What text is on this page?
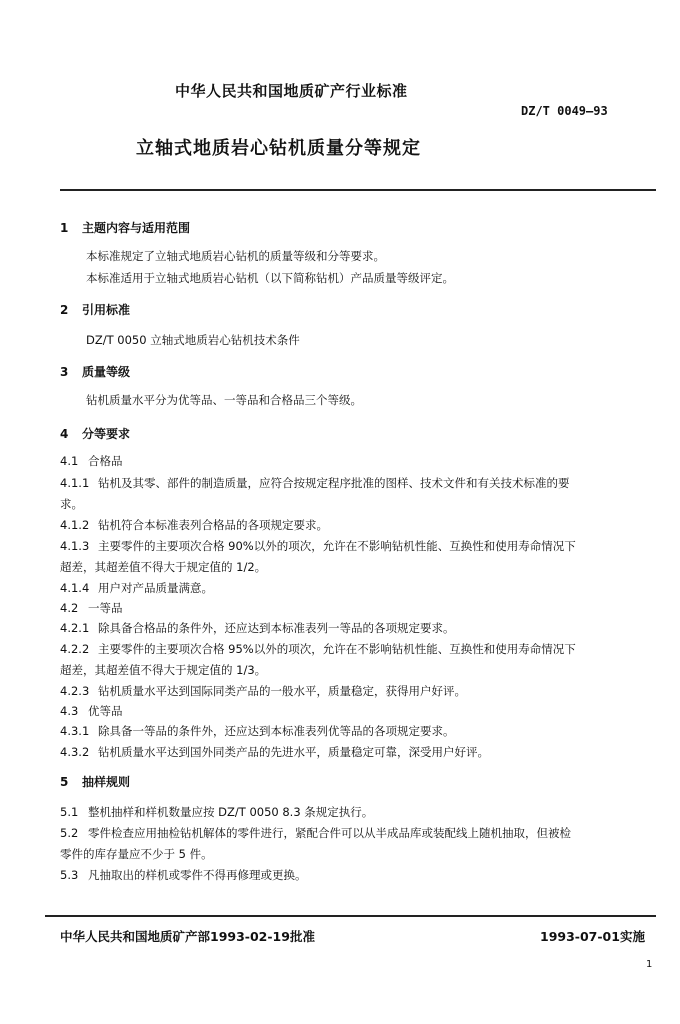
中华人民共和国地质矿产行业标准
DZ/T 0049—93
立轴式地质岩心钻机质量分等规定
1 主题内容与适用范围
本标准规定了立轴式地质岩心钻机的质量等级和分等要求。
本标准适用于立轴式地质岩心钻机（以下简称钻机）产品质量等级评定。
2 引用标准
DZ/T 0050 立轴式地质岩心钻机技术条件
3 质量等级
钻机质量水平分为优等品、一等品和合格品三个等级。
4 分等要求
4.1 合格品
4.1.1 钻机及其零、部件的制造质量，应符合按规定程序批准的图样、技术文件和有关技术标准的要
求。
4.1.2 钻机符合本标准表列合格品的各项规定要求。
4.1.3 主要零件的主要项次合格 90%以外的项次，允许在不影响钻机性能、互换性和使用寿命情况下
超差，其超差值不得大于规定值的 1/2。
4.1.4 用户对产品质量满意。
4.2 一等品
4.2.1 除具备合格品的条件外，还应达到本标准表列一等品的各项规定要求。
4.2.2 主要零件的主要项次合格 95%以外的项次，允许在不影响钻机性能、互换性和使用寿命情况下
超差，其超差值不得大于规定值的 1/3。
4.2.3 钻机质量水平达到国际同类产品的一般水平，质量稳定，获得用户好评。
4.3 优等品
4.3.1 除具备一等品的条件外，还应达到本标准表列优等品的各项规定要求。
4.3.2 钻机质量水平达到国外同类产品的先进水平，质量稳定可靠，深受用户好评。
5 抽样规则
5.1 整机抽样和样机数量应按 DZ/T 0050 8.3 条规定执行。
5.2 零件检查应用抽检钻机解体的零件进行，紧配合件可以从半成品库或装配线上随机抽取，但被检
零件的库存量应不少于 5 件。
5.3 凡抽取出的样机或零件不得再修理或更换。
中华人民共和国地质矿产部1993-02-19批准	1993-07-01实施
1
